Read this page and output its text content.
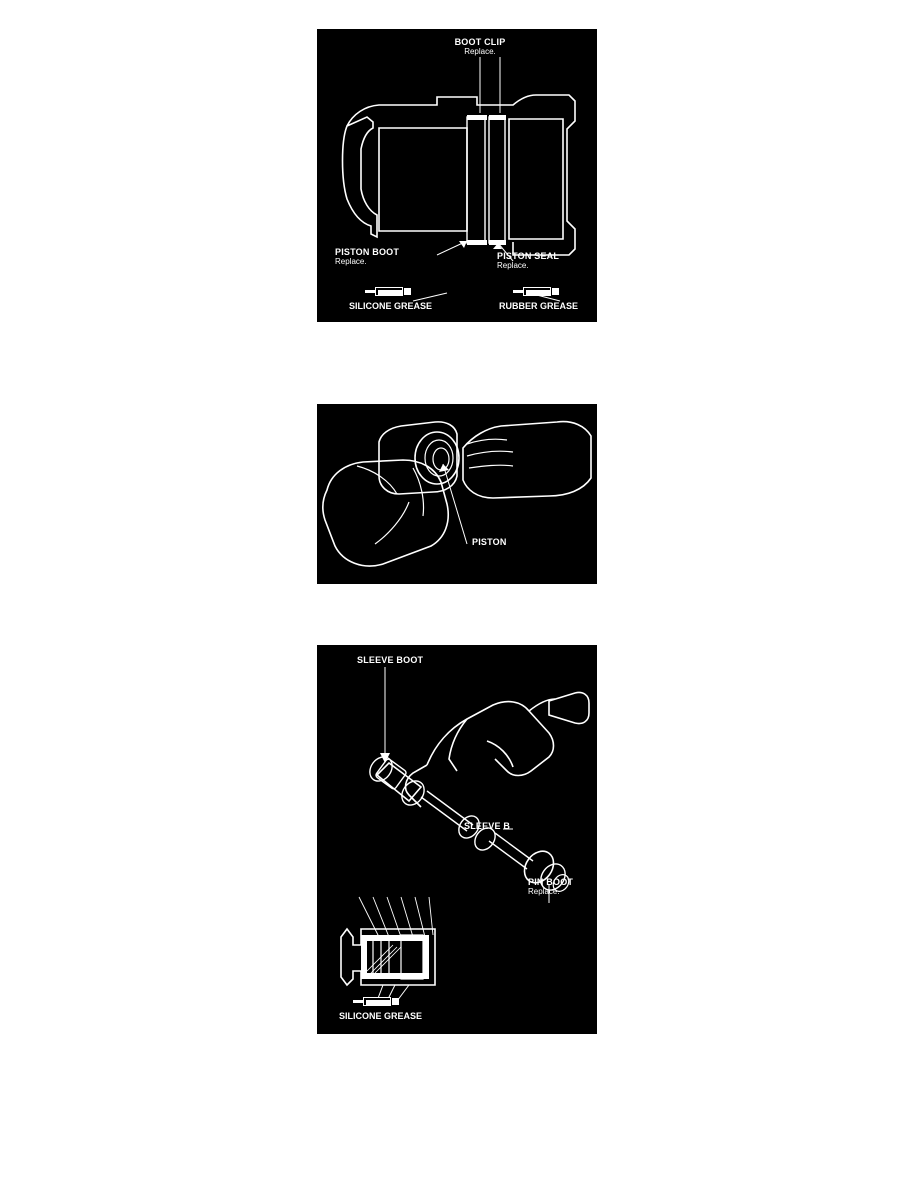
BOOT CLIP
Replace.
PISTON BOOT
Replace.
PISTON SEAL
Replace.
SILICONE GREASE	RUBBER GREASE
PISTON
SLEEVE BOOT
SLEEVE B
PIN BOOT
Replace.
SILICONE GREASE
